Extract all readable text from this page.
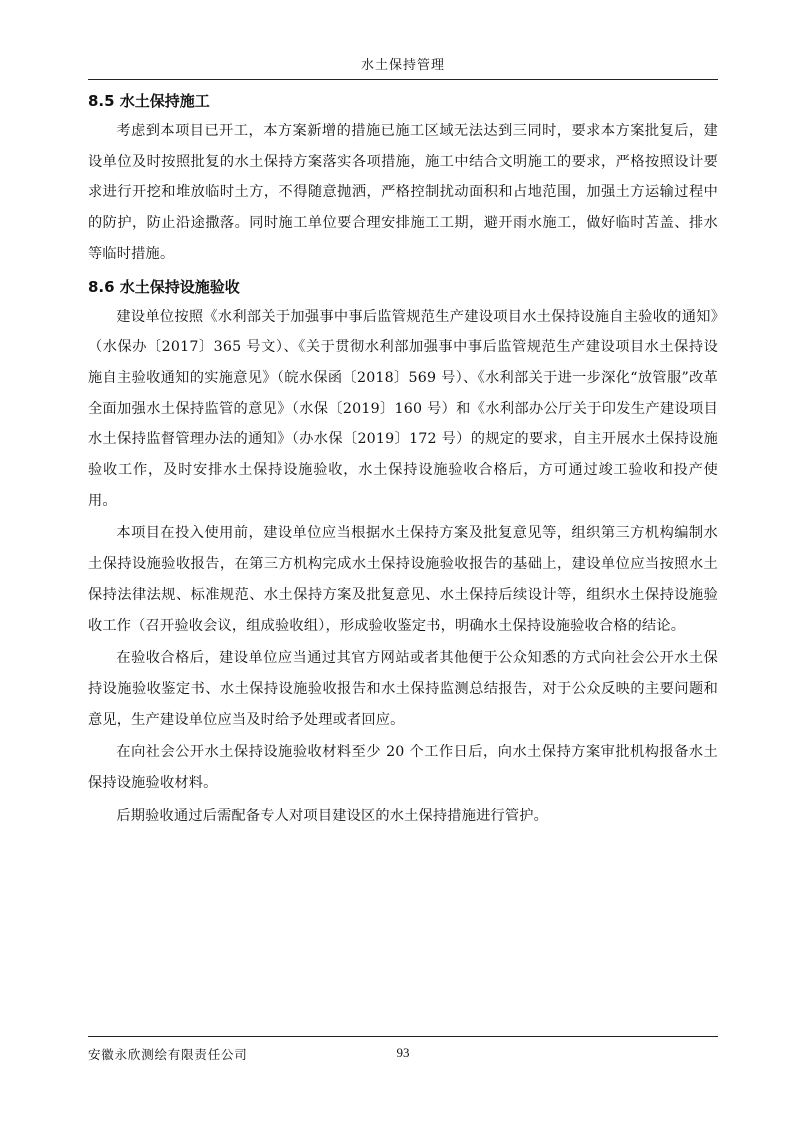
水土保持管理
8.5 水土保持施工

考虑到本项目已开工，本方案新增的措施已施工区域无法达到三同时，要求本方案批复后，建设单位及时按照批复的水土保持方案落实各项措施，施工中结合文明施工的要求，严格按照设计要求进行开挖和堆放临时土方，不得随意抛洒，严格控制扰动面积和占地范围，加强土方运输过程中的防护，防止沿途撒落。同时施工单位要合理安排施工工期，避开雨水施工，做好临时苫盖、排水等临时措施。

8.6 水土保持设施验收

建设单位按照《水利部关于加强事中事后监管规范生产建设项目水土保持设施自主验收的通知》（水保办〔2017〕365 号文）、《关于贯彻水利部加强事中事后监管规范生产建设项目水土保持设施自主验收通知的实施意见》（皖水保函〔2018〕569 号）、《水利部关于进一步深化“放管服”改革全面加强水土保持监管的意见》（水保〔2019〕160 号）和《水利部办公厅关于印发生产建设项目水土保持监督管理办法的通知》（办水保〔2019〕172 号）的规定的要求，自主开展水土保持设施验收工作，及时安排水土保持设施验收，水土保持设施验收合格后，方可通过竣工验收和投产使用。

本项目在投入使用前，建设单位应当根据水土保持方案及批复意见等，组织第三方机构编制水土保持设施验收报告，在第三方机构完成水土保持设施验收报告的基础上，建设单位应当按照水土保持法律法规、标准规范、水土保持方案及批复意见、水土保持后续设计等，组织水土保持设施验收工作（召开验收会议，组成验收组），形成验收鉴定书，明确水土保持设施验收合格的结论。

在验收合格后，建设单位应当通过其官方网站或者其他便于公众知悉的方式向社会公开水土保持设施验收鉴定书、水土保持设施验收报告和水土保持监测总结报告，对于公众反映的主要问题和意见，生产建设单位应当及时给予处理或者回应。

在向社会公开水土保持设施验收材料至少 20 个工作日后，向水土保持方案审批机构报备水土保持设施验收材料。

后期验收通过后需配备专人对项目建设区的水土保持措施进行管护。

安徽永欣测绘有限责任公司	93
